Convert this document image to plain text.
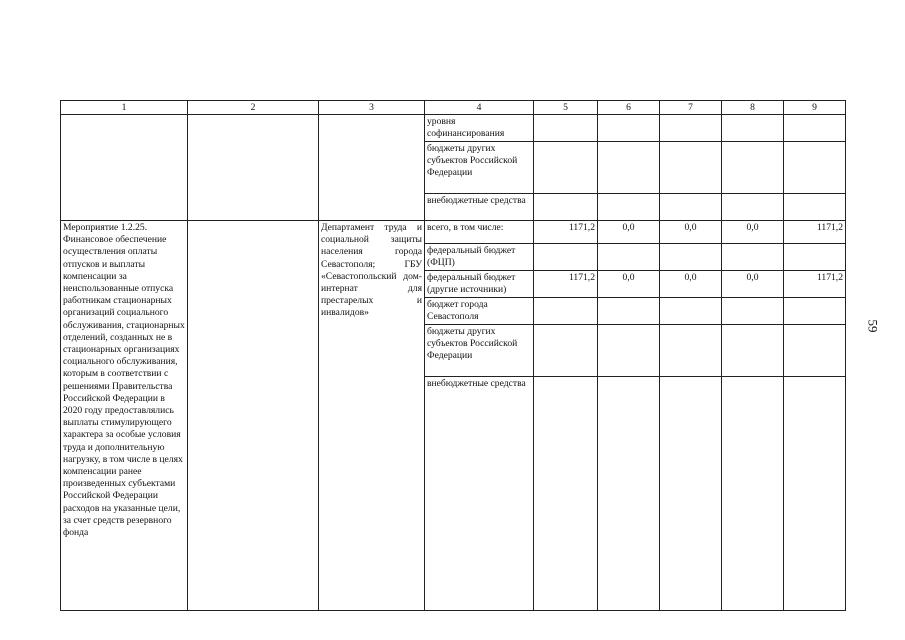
1	2	3	4	5	6	7	8	9
			уровня софинансирования					
			бюджеты других субъектов Российской Федерации					
			внебюджетные средства					
Мероприятие 1.2.25. Финансовое обеспечение осуществления оплаты отпусков и выплаты компенсации за неиспользованные отпуска работникам стационарных организаций социального обслуживания, стационарных отделений, созданных не в стационарных организациях социального обслуживания, которым в соответствии с решениями Правительства Российской Федерации в 2020 году предоставлялись выплаты стимулирующего характера за особые условия труда и дополнительную нагрузку, в том числе в целях компенсации ранее произведенных субъектами Российской Федерации расходов на указанные цели, за счет средств резервного фонда		Департамент труда и социальной защиты населения города Севастополя; ГБУ «Севастопольский дом-интернат для престарелых и инвалидов»	всего, в том числе:	1171,2	0,0	0,0	0,0	1171,2
			федеральный бюджет (ФЦП)					
			федеральный бюджет (другие источники)	1171,2	0,0	0,0	0,0	1171,2
			бюджет города Севастополя					
			бюджеты других субъектов Российской Федерации					
			внебюджетные средства					
59
